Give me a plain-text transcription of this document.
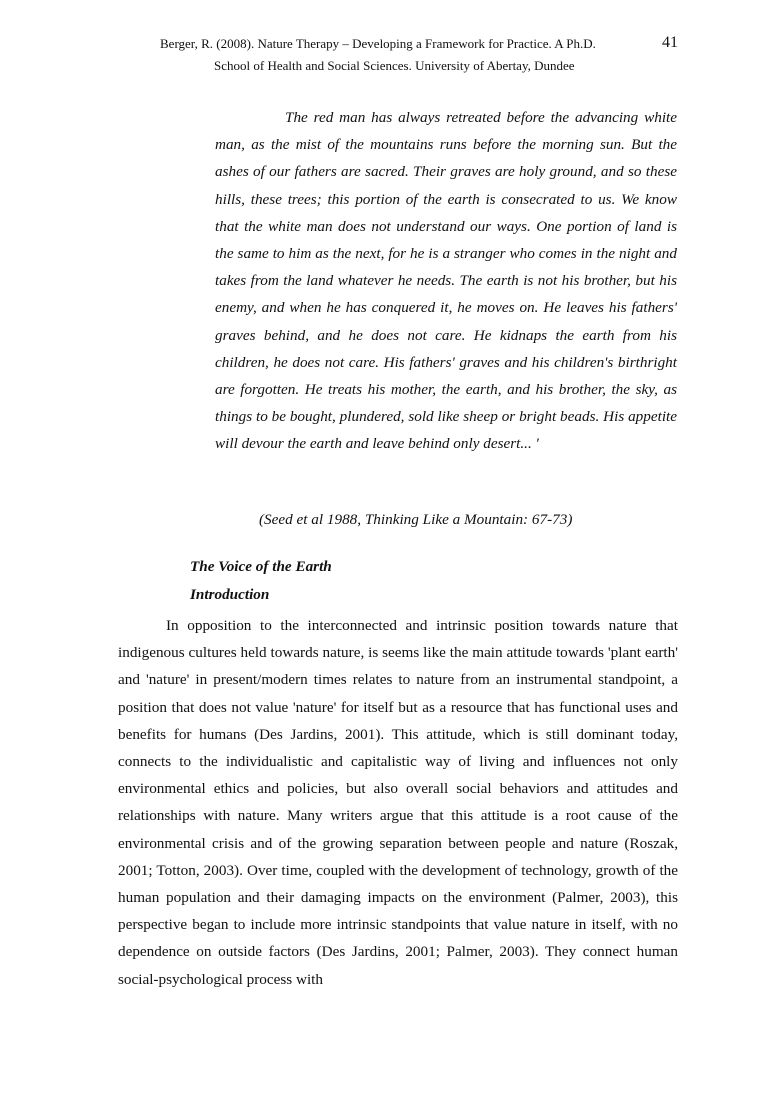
Berger, R. (2008). Nature Therapy – Developing a Framework for Practice. A Ph.D.
School of Health and Social Sciences. University of Abertay, Dundee
41

The red man has always retreated before the advancing white man, as the mist of the mountains runs before the morning sun. But the ashes of our fathers are sacred. Their graves are holy ground, and so these hills, these trees; this portion of the earth is consecrated to us. We know that the white man does not understand our ways. One portion of land is the same to him as the next, for he is a stranger who comes in the night and takes from the land whatever he needs. The earth is not his brother, but his enemy, and when he has conquered it, he moves on. He leaves his fathers' graves behind, and he does not care. He kidnaps the earth from his children, he does not care. His fathers' graves and his children's birthright are forgotten. He treats his mother, the earth, and his brother, the sky, as things to be bought, plundered, sold like sheep or bright beads. His appetite will devour the earth and leave behind only desert... '

(Seed et al 1988, Thinking Like a Mountain: 67-73)
The Voice of the Earth
Introduction

In opposition to the interconnected and intrinsic position towards nature that indigenous cultures held towards nature, is seems like the main attitude towards 'plant earth' and 'nature' in present/modern times relates to nature from an instrumental standpoint, a position that does not value 'nature' for itself but as a resource that has functional uses and benefits for humans (Des Jardins, 2001). This attitude, which is still dominant today, connects to the individualistic and capitalistic way of living and influences not only environmental ethics and policies, but also overall social behaviors and attitudes and relationships with nature. Many writers argue that this attitude is a root cause of the environmental crisis and of the growing separation between people and nature (Roszak, 2001; Totton, 2003). Over time, coupled with the development of technology, growth of the human population and their damaging impacts on the environment (Palmer, 2003), this perspective began to include more intrinsic standpoints that value nature in itself, with no dependence on outside factors (Des Jardins, 2001; Palmer, 2003). They connect human social-psychological process with
